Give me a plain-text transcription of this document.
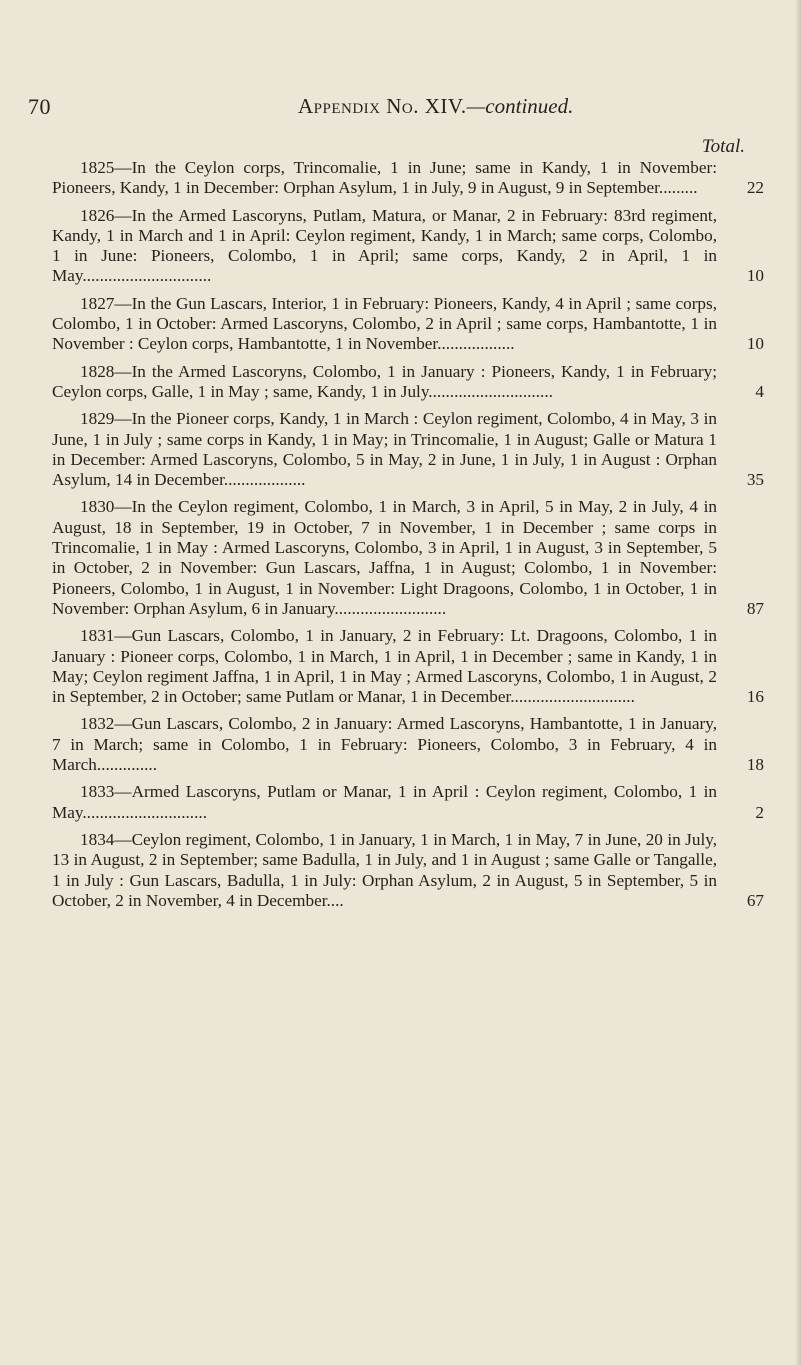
70	Appendix No. XIV.—continued.
Total.
1825—In the Ceylon corps, Trincomalie, 1 in June; same in Kandy, 1 in November: Pioneers, Kandy, 1 in December: Orphan Asylum, 1 in July, 9 in August, 9 in September.........	22
1826—In the Armed Lascoryns, Putlam, Matura, or Manar, 2 in February: 83rd regiment, Kandy, 1 in March and 1 in April: Ceylon regiment, Kandy, 1 in March; same corps, Colombo, 1 in June: Pioneers, Colombo, 1 in April; same corps, Kandy, 2 in April, 1 in May..............................	10
1827—In the Gun Lascars, Interior, 1 in February: Pioneers, Kandy, 4 in April ; same corps, Colombo, 1 in October: Armed Lascoryns, Colombo, 2 in April ; same corps, Hambantotte, 1 in November : Ceylon corps, Hambantotte, 1 in November..................	10
1828—In the Armed Lascoryns, Colombo, 1 in January : Pioneers, Kandy, 1 in February; Ceylon corps, Galle, 1 in May ; same, Kandy, 1 in July.............................	4
1829—In the Pioneer corps, Kandy, 1 in March : Ceylon regiment, Colombo, 4 in May, 3 in June, 1 in July ; same corps in Kandy, 1 in May; in Trincomalie, 1 in August; Galle or Matura 1 in December: Armed Lascoryns, Colombo, 5 in May, 2 in June, 1 in July, 1 in August : Orphan Asylum, 14 in December...................	35
1830—In the Ceylon regiment, Colombo, 1 in March, 3 in April, 5 in May, 2 in July, 4 in August, 18 in September, 19 in October, 7 in November, 1 in December ; same corps in Trincomalie, 1 in May : Armed Lascoryns, Colombo, 3 in April, 1 in August, 3 in September, 5 in October, 2 in November: Gun Lascars, Jaffna, 1 in August; Colombo, 1 in November: Pioneers, Colombo, 1 in August, 1 in November: Light Dragoons, Colombo, 1 in October, 1 in November: Orphan Asylum, 6 in January..........................	87
1831—Gun Lascars, Colombo, 1 in January, 2 in February: Lt. Dragoons, Colombo, 1 in January : Pioneer corps, Colombo, 1 in March, 1 in April, 1 in December ; same in Kandy, 1 in May; Ceylon regiment Jaffna, 1 in April, 1 in May ; Armed Lascoryns, Colombo, 1 in August, 2 in September, 2 in October; same Putlam or Manar, 1 in December.............................	16
1832—Gun Lascars, Colombo, 2 in January: Armed Lascoryns, Hambantotte, 1 in January, 7 in March; same in Colombo, 1 in February: Pioneers, Colombo, 3 in February, 4 in March..............	18
1833—Armed Lascoryns, Putlam or Manar, 1 in April : Ceylon regiment, Colombo, 1 in May.............................	2
1834—Ceylon regiment, Colombo, 1 in January, 1 in March, 1 in May, 7 in June, 20 in July, 13 in August, 2 in September; same Badulla, 1 in July, and 1 in August ; same Galle or Tangalle, 1 in July : Gun Lascars, Badulla, 1 in July: Orphan Asylum, 2 in August, 5 in September, 5 in October, 2 in November, 4 in December....	67
